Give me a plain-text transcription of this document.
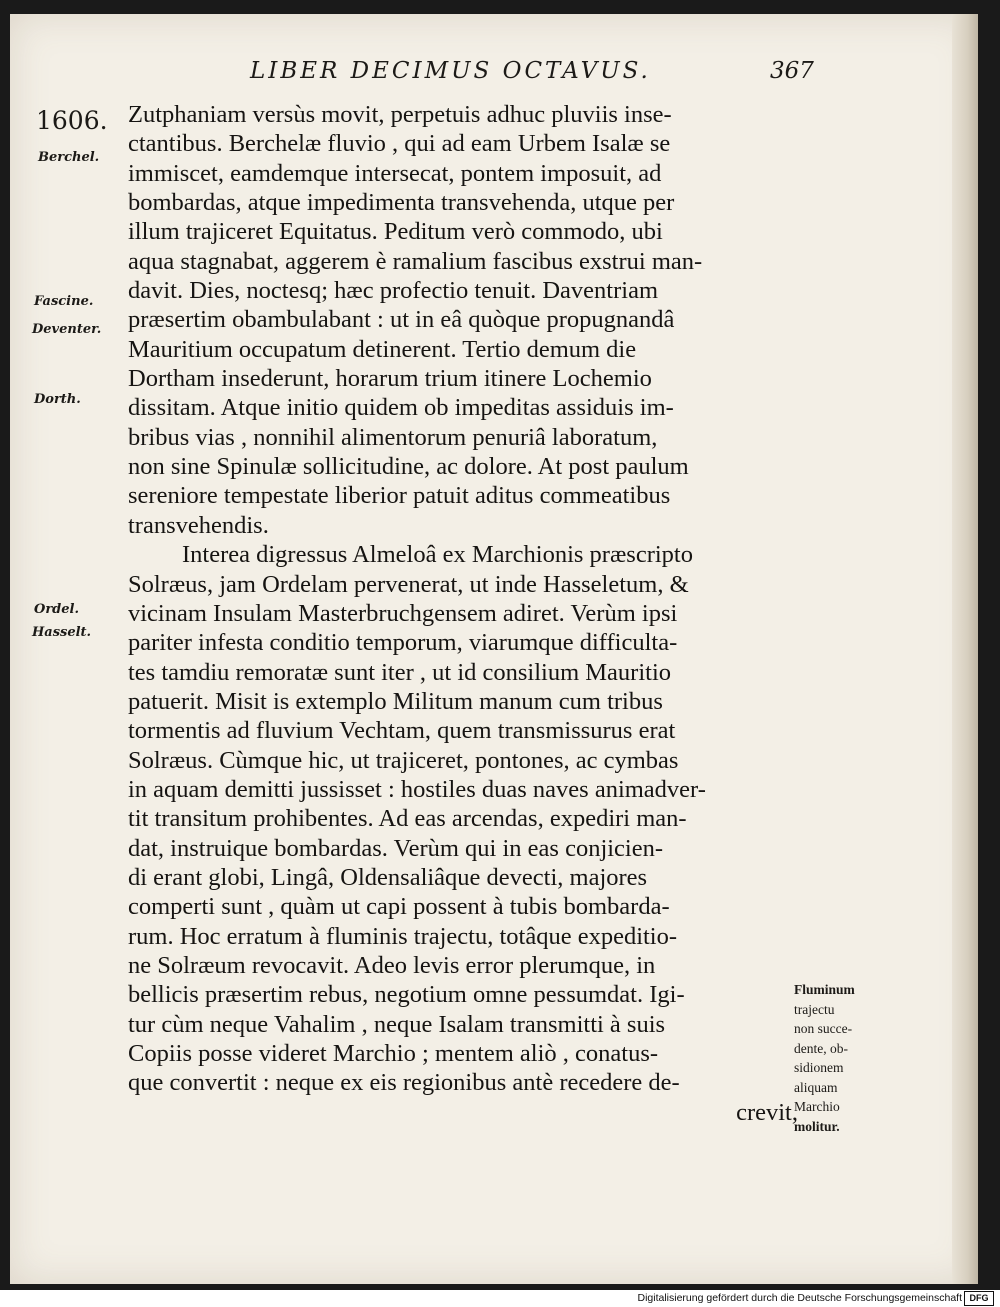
LIBER DECIMUS OCTAVUS.	367
1606.
Berchel.
Fascine.
Deventer.
Dorth.
Ordel.
Hasselt.
Zutphaniam versùs movit, perpetuis adhuc pluviis inse-
ctantibus. Berchelæ fluvio , qui ad eam Urbem Isalæ se
immiscet, eamdemque intersecat, pontem imposuit, ad
bombardas, atque impedimenta transvehenda, utque per
illum trajiceret Equitatus. Peditum verò commodo, ubi
aqua stagnabat, aggerem è ramalium fascibus exstrui man-
davit. Dies, noctesq; hæc profectio tenuit. Daventriam
præsertim obambulabant : ut in eâ quòque propugnandâ
Mauritium occupatum detinerent. Tertio demum die
Dortham insederunt, horarum trium itinere Lochemio
dissitam. Atque initio quidem ob impeditas assiduis im-
bribus vias , nonnihil alimentorum penuriâ laboratum,
non sine Spinulæ sollicitudine, ac dolore. At post paulum
sereniore tempestate liberior patuit aditus commeatibus
transvehendis.
Interea digressus Almeloâ ex Marchionis præscripto
Solræus, jam Ordelam pervenerat, ut inde Hasseletum, &
vicinam Insulam Masterbruchgensem adiret. Verùm ipsi
pariter infesta conditio temporum, viarumque difficulta-
tes tamdiu remoratæ sunt iter , ut id consilium Mauritio
patuerit. Misit is extemplo Militum manum cum tribus
tormentis ad fluvium Vechtam, quem transmissurus erat
Solræus. Cùmque hic, ut trajiceret, pontones, ac cymbas
in aquam demitti jussisset : hostiles duas naves animadver-
tit transitum prohibentes. Ad eas arcendas, expediri man-
dat, instruique bombardas. Verùm qui in eas conjicien-
di erant globi, Lingâ, Oldensaliâque devecti, majores
comperti sunt , quàm ut capi possent à tubis bombarda-
rum. Hoc erratum à fluminis trajectu, totâque expeditio-
ne Solræum revocavit. Adeo levis error plerumque, in
bellicis præsertim rebus, negotium omne pessumdat. Igi-
tur cùm neque Vahalim , neque Isalam transmitti à suis
Copiis posse videret Marchio ; mentem aliò , conatus-
que convertit : neque ex eis regionibus antè recedere de-
crevit,
Fluminum
trajectu
non succe-
dente, ob-
sidionem
aliquam
Marchio
molitur.
Digitalisierung gefördert durch die Deutsche Forschungsgemeinschaft DFG
